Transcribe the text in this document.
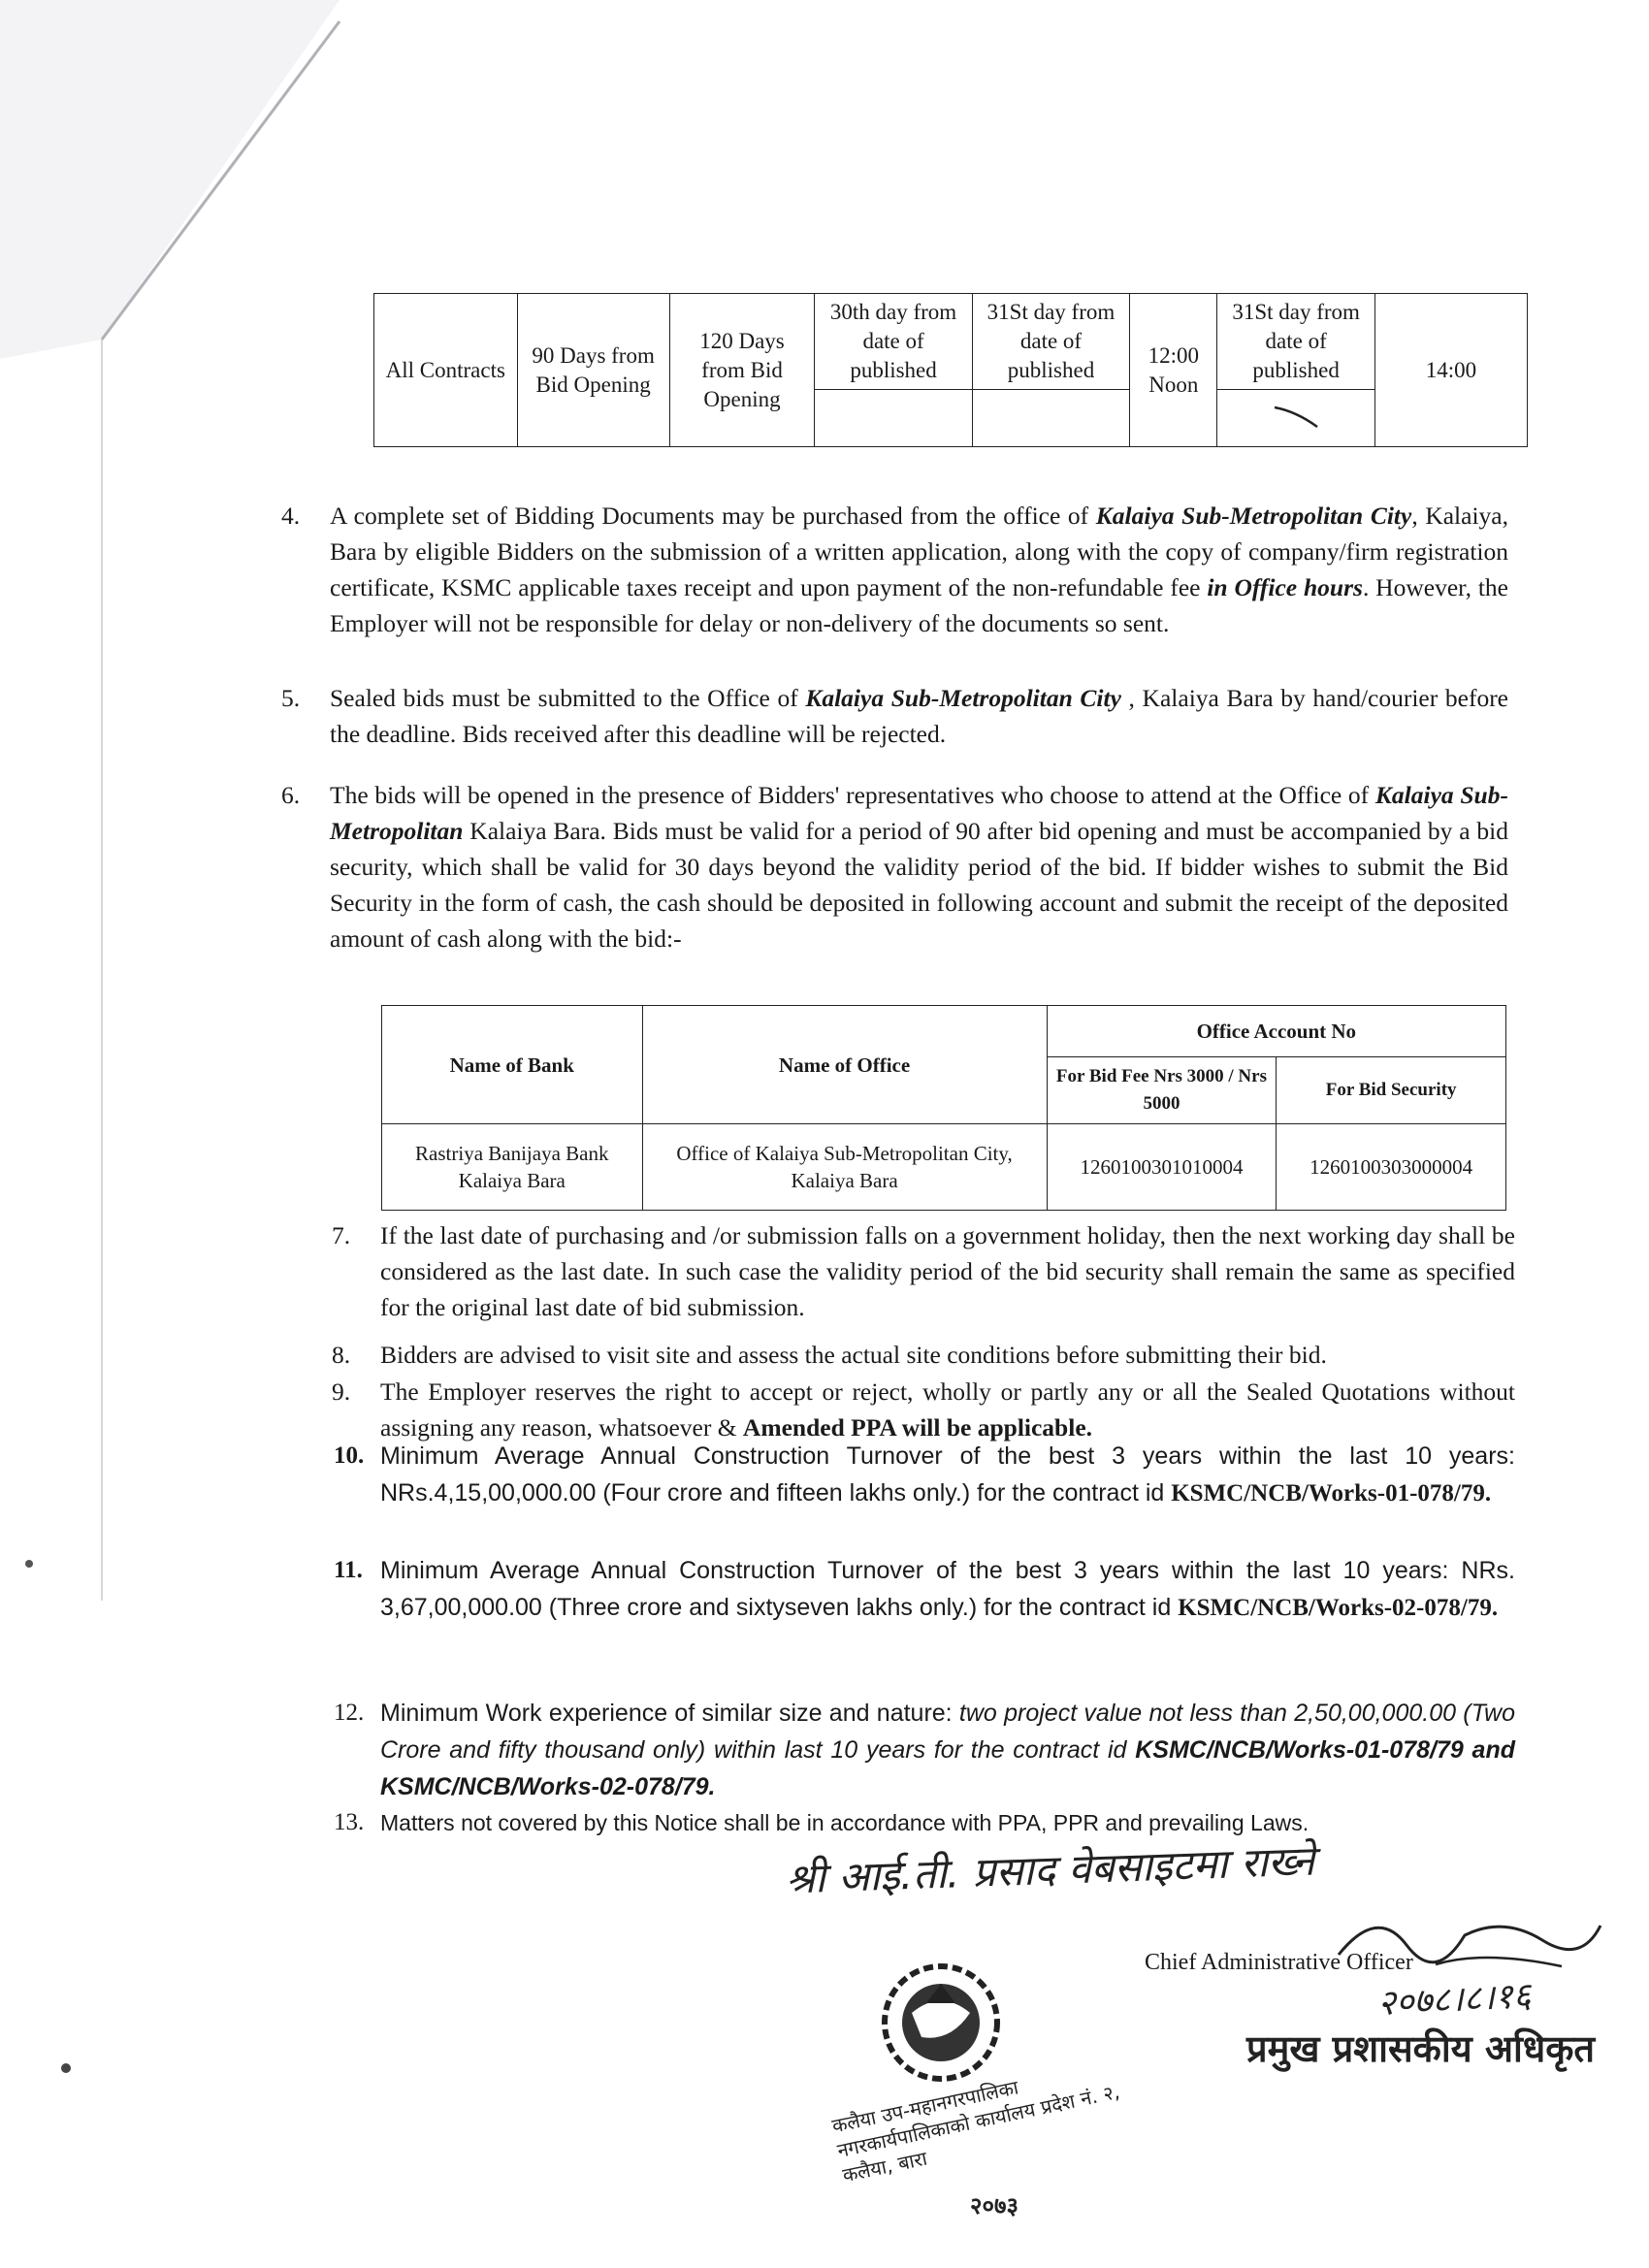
All Contracts	90 Days from Bid Opening	120 Days from Bid Opening	30th day from date of published	31St day from date of published	12:00 Noon	31St day from date of published	14:00

4. A complete set of Bidding Documents may be purchased from the office of Kalaiya Sub-Metropolitan City, Kalaiya, Bara by eligible Bidders on the submission of a written application, along with the copy of company/firm registration certificate, KSMC applicable taxes receipt and upon payment of the non-refundable fee in Office hours. However, the Employer will not be responsible for delay or non-delivery of the documents so sent.
5. Sealed bids must be submitted to the Office of Kalaiya Sub-Metropolitan City , Kalaiya Bara by hand/courier before the deadline. Bids received after this deadline will be rejected.
6. The bids will be opened in the presence of Bidders' representatives who choose to attend at the Office of Kalaiya Sub-Metropolitan Kalaiya Bara. Bids must be valid for a period of 90 after bid opening and must be accompanied by a bid security, which shall be valid for 30 days beyond the validity period of the bid. If bidder wishes to submit the Bid Security in the form of cash, the cash should be deposited in following account and submit the receipt of the deposited amount of cash along with the bid:-
Name of Bank	Name of Office	Office Account No	
		For Bid Fee Nrs 3000 / Nrs 5000	For Bid Security
Rastriya Banijaya Bank Kalaiya Bara	Office of Kalaiya Sub-Metropolitan City, Kalaiya Bara	1260100301010004	1260100303000004
7. If the last date of purchasing and /or submission falls on a government holiday, then the next working day shall be considered as the last date. In such case the validity period of the bid security shall remain the same as specified for the original last date of bid submission.
8. Bidders are advised to visit site and assess the actual site conditions before submitting their bid.
9. The Employer reserves the right to accept or reject, wholly or partly any or all the Sealed Quotations without assigning any reason, whatsoever & Amended PPA will be applicable.
10. Minimum Average Annual Construction Turnover of the best 3 years within the last 10 years: NRs.4,15,00,000.00 (Four crore and fifteen lakhs only.) for the contract id KSMC/NCB/Works-01-078/79.
11. Minimum Average Annual Construction Turnover of the best 3 years within the last 10 years: NRs. 3,67,00,000.00 (Three crore and sixtyseven lakhs only.) for the contract id KSMC/NCB/Works-02-078/79.
12. Minimum Work experience of similar size and nature: two project value not less than 2,50,00,000.00 (Two Crore and fifty thousand only) within last 10 years for the contract id KSMC/NCB/Works-01-078/79 and KSMC/NCB/Works-02-078/79.
13. Matters not covered by this Notice shall be in accordance with PPA, PPR and prevailing Laws.
श्री आई.ती. प्रसाद वेबसाइटमा राख्ने
Chief Administrative Officer
२०७८।८।१६
प्रमुख प्रशासकीय अधिकृत
कलैया उप-महानगरपालिका नगरकार्यपालिकाको कार्यालय प्रदेश नं. २, कलैया, बारा
२०७३
